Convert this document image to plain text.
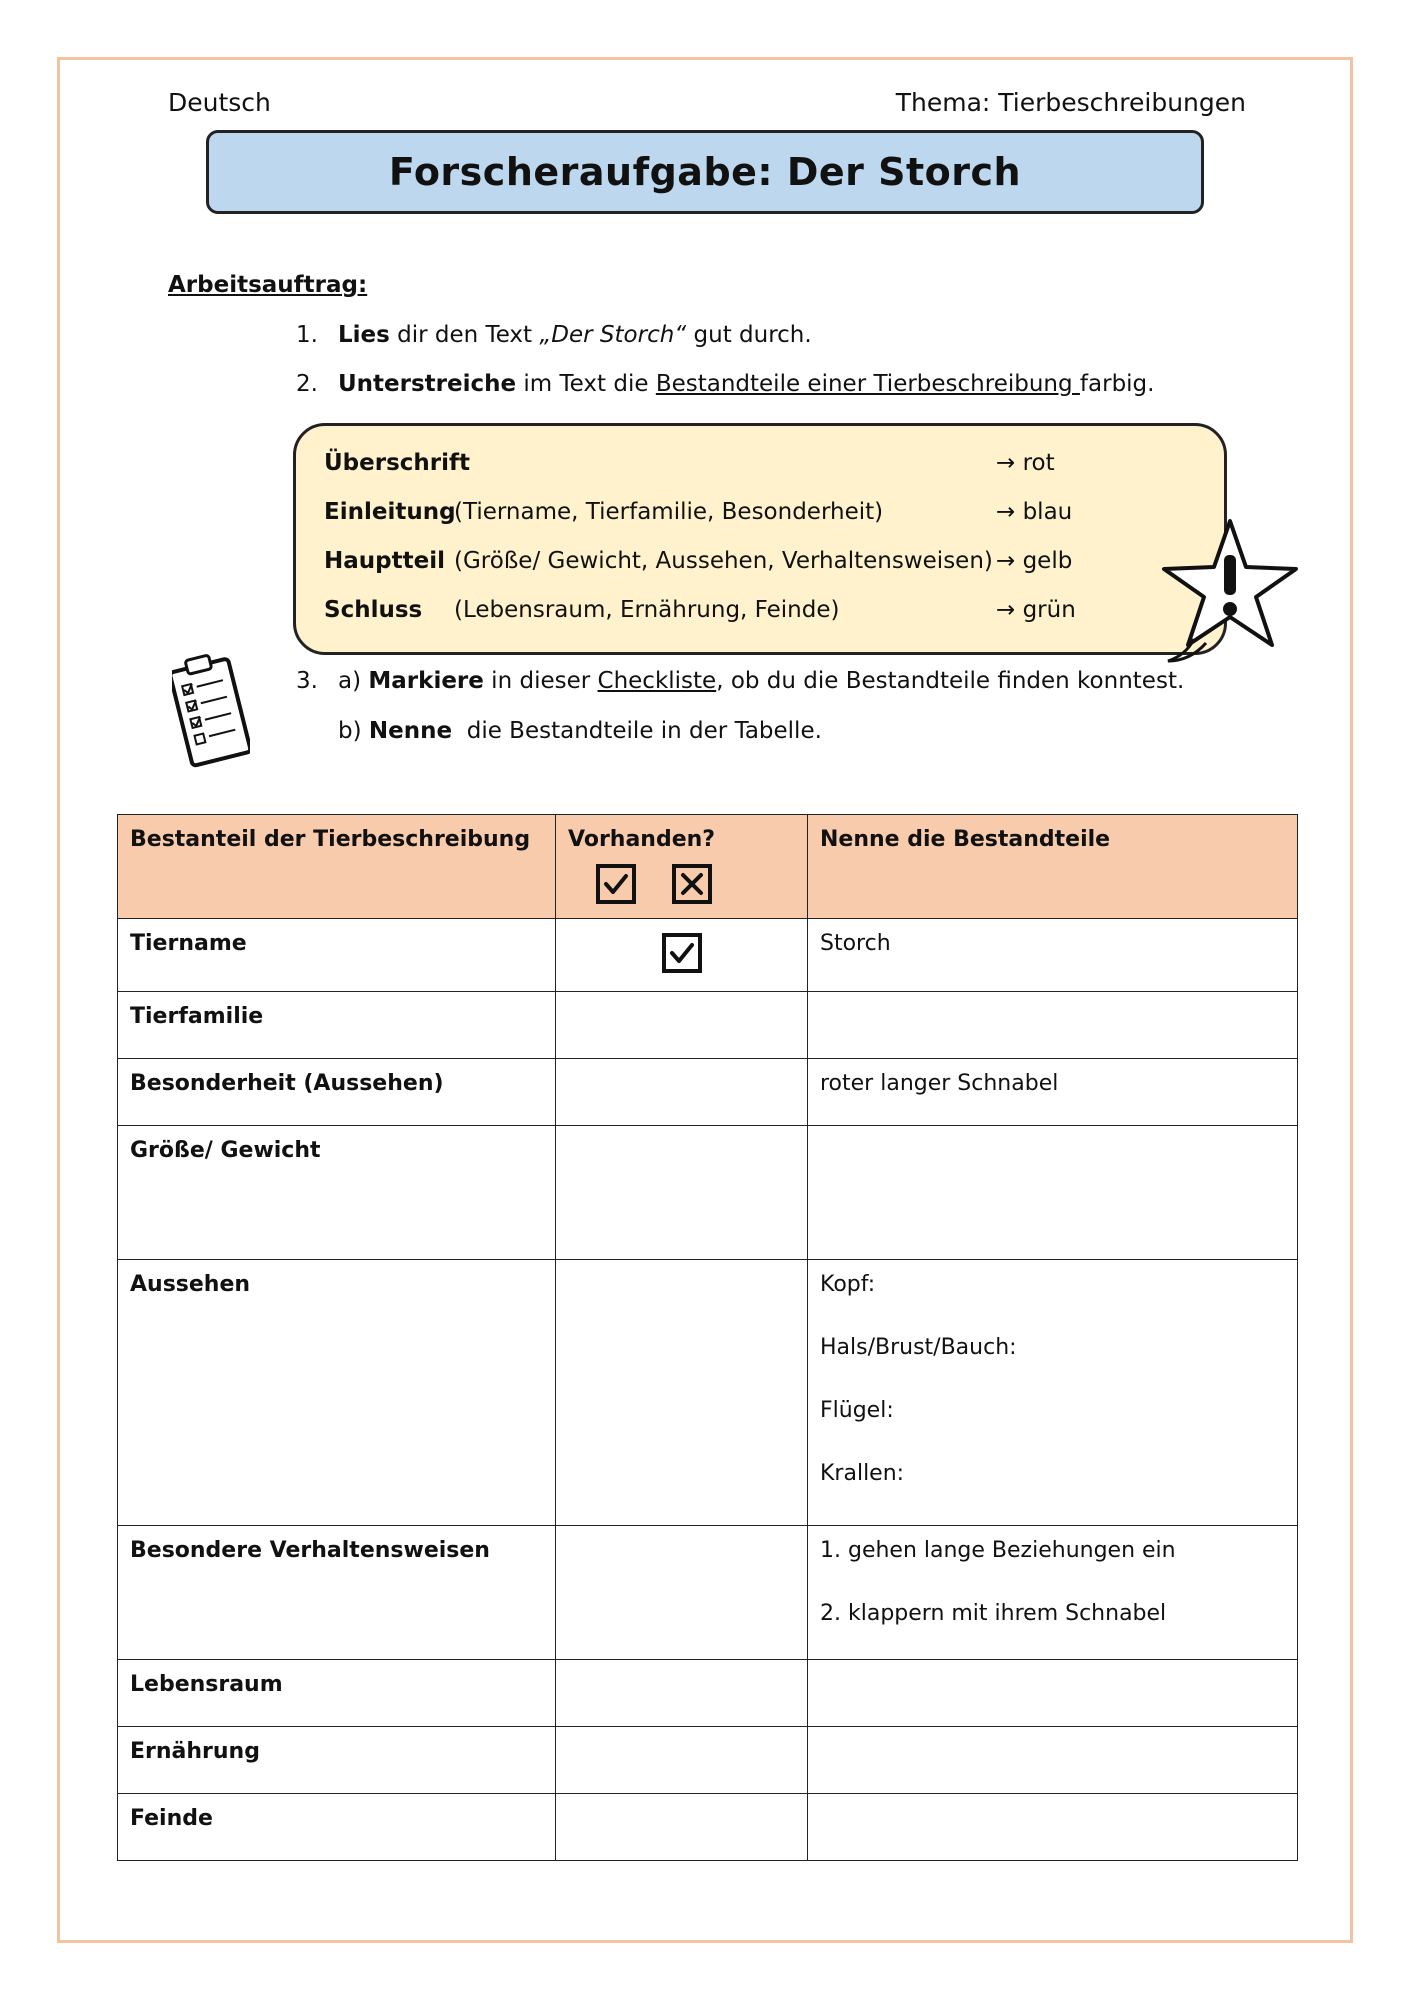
Deutsch	Thema: Tierbeschreibungen
Forscheraufgabe: Der Storch
Arbeitsauftrag:
1. Lies dir den Text „Der Storch“ gut durch.
2. Unterstreiche im Text die Bestandteile einer Tierbeschreibung farbig.
Überschrift	→ rot
Einleitung(Tiername, Tierfamilie, Besonderheit)	→ blau
Hauptteil (Größe/ Gewicht, Aussehen, Verhaltensweisen) → gelb
Schluss (Lebensraum, Ernährung, Feinde)	→ grün
3. a) Markiere in dieser Checkliste, ob du die Bestandteile finden konntest.
b) Nenne  die Bestandteile in der Tabelle.
Bestanteil der Tierbeschreibung	Vorhanden?	Nenne die Bestandteile
Tiername		Storch
Tierfamilie		
Besonderheit (Aussehen)		roter langer Schnabel
Größe/ Gewicht		
Aussehen		Kopf:

Hals/Brust/Bauch:

Flügel:

Krallen:

Besondere Verhaltensweisen		1. gehen lange Beziehungen ein

2. klappern mit ihrem Schnabel

Lebensraum		
Ernährung		
Feinde		
